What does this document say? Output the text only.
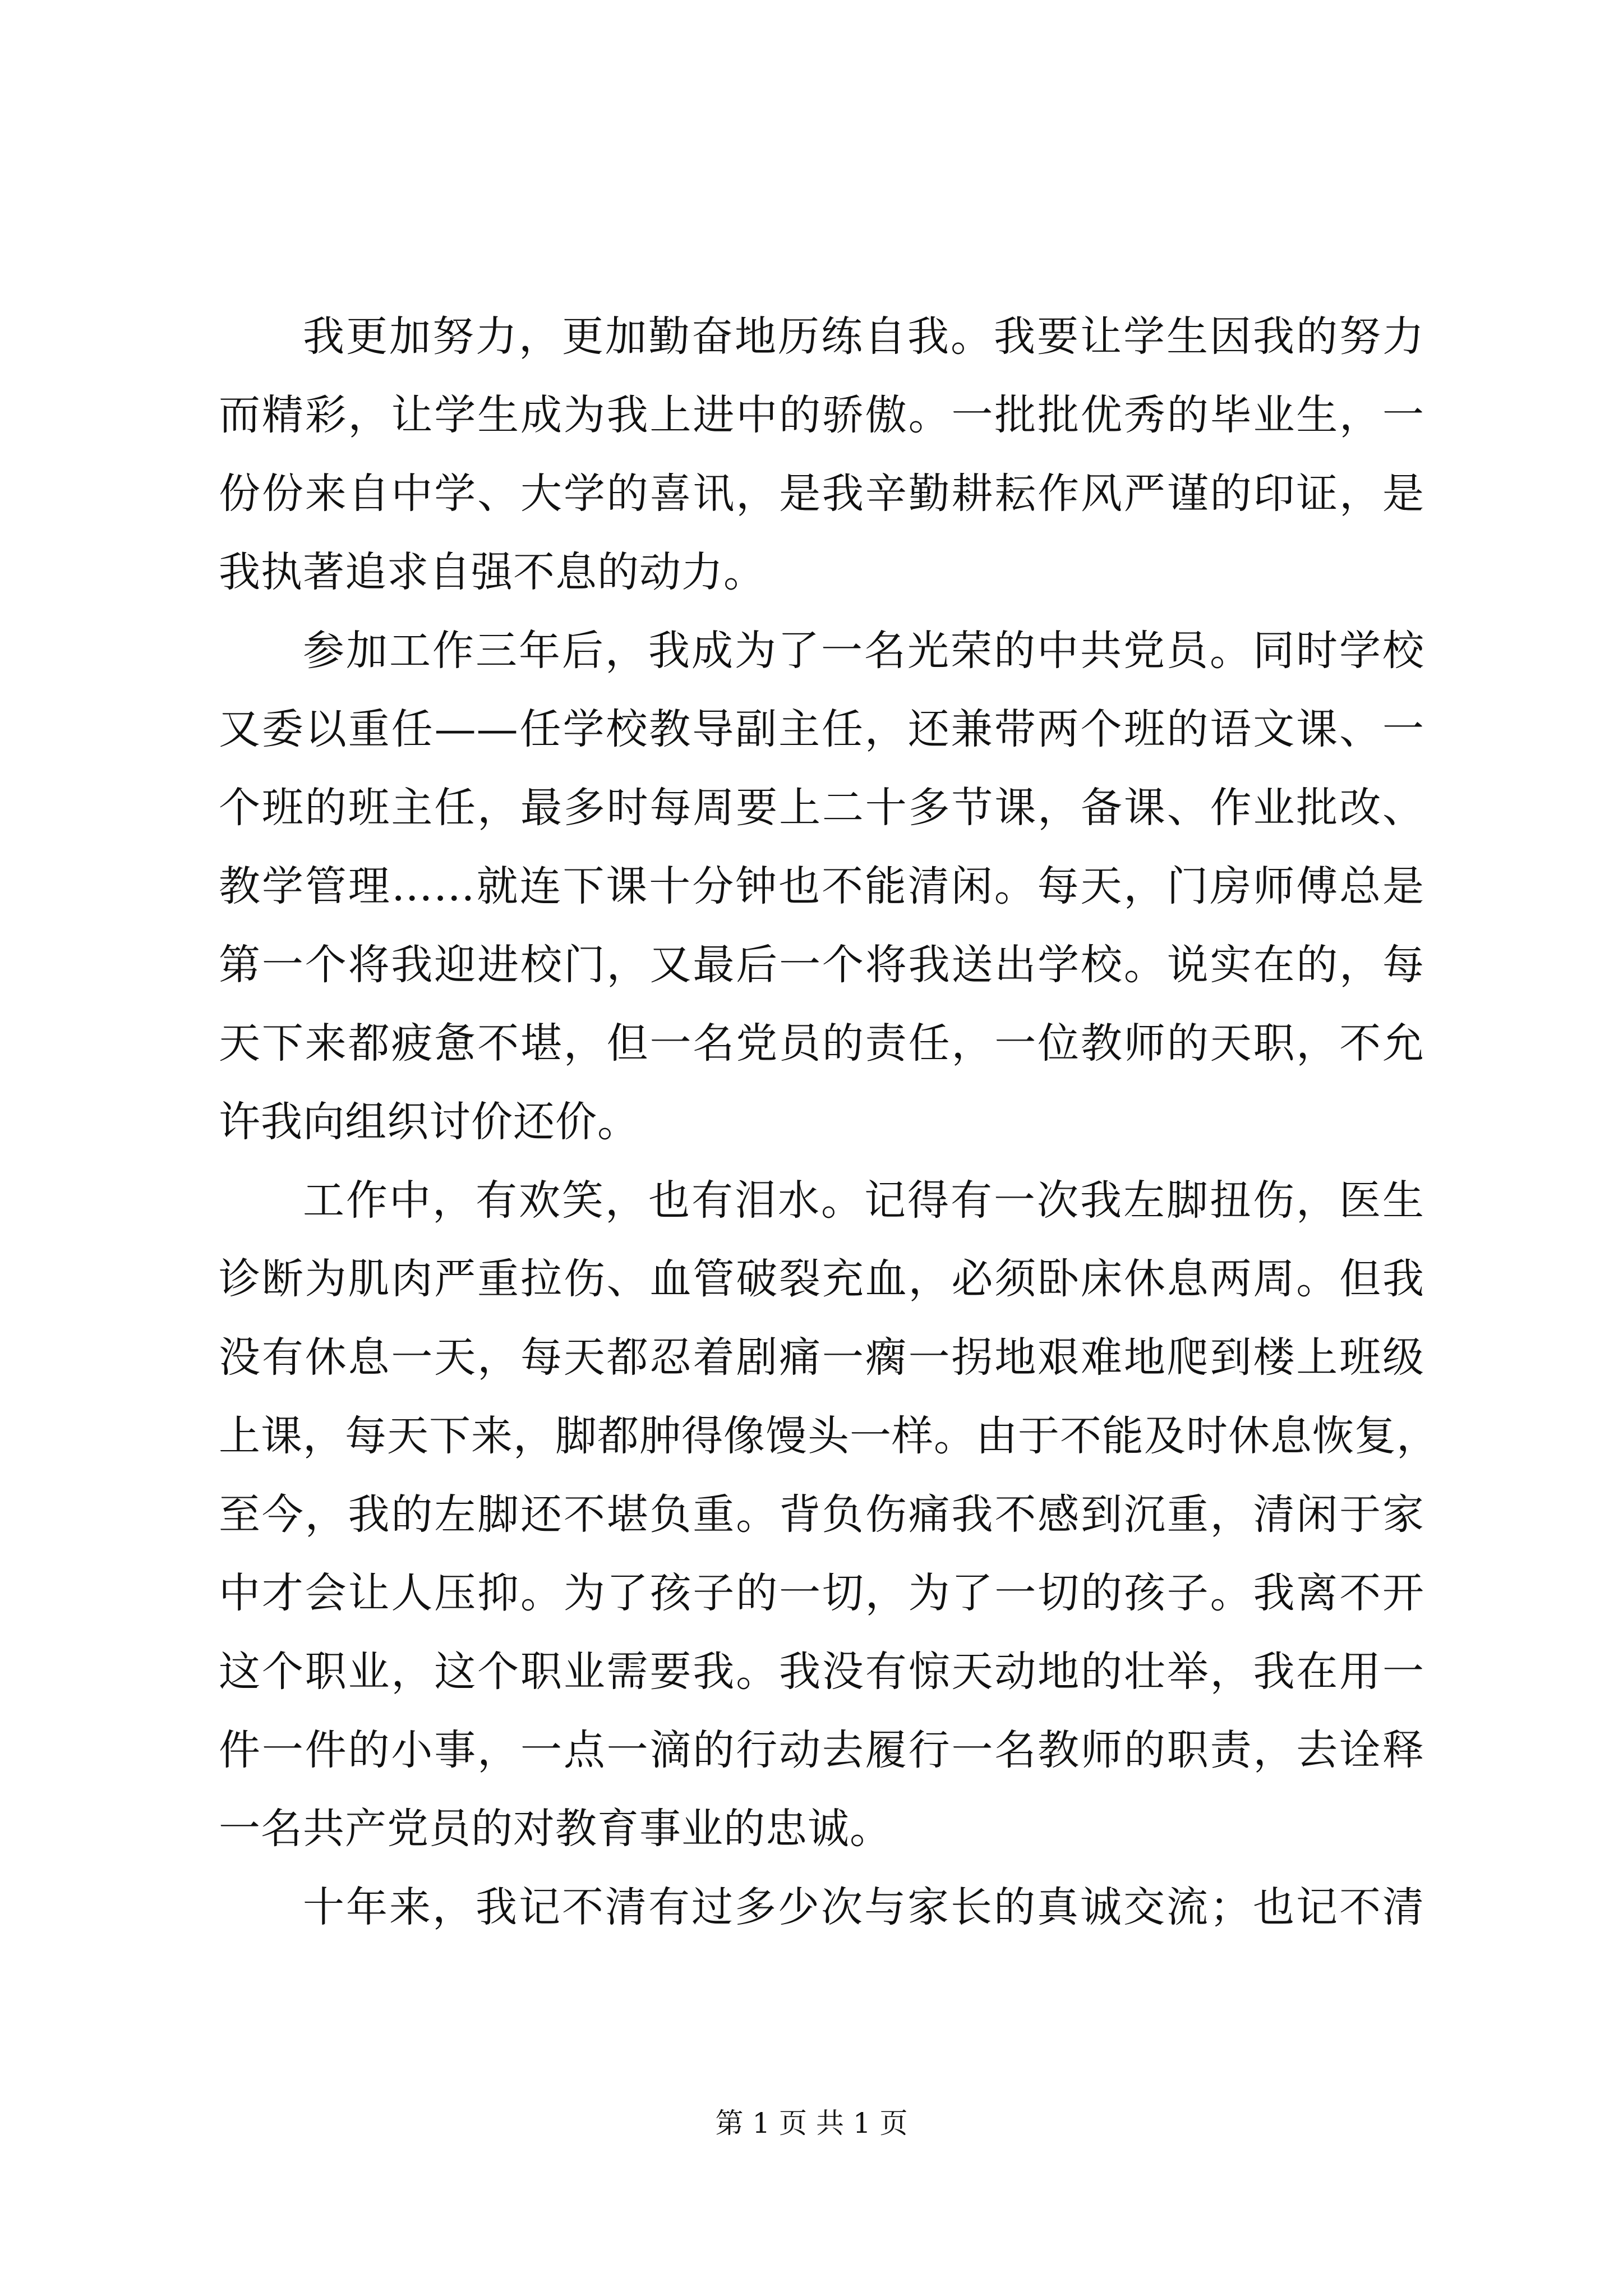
我更加努力，更加勤奋地历练自我。我要让学生因我的努力
而精彩，让学生成为我上进中的骄傲。一批批优秀的毕业生，一
份份来自中学、大学的喜讯，是我辛勤耕耘作风严谨的印证，是
我执著追求自强不息的动力。
参加工作三年后，我成为了一名光荣的中共党员。同时学校
又委以重任——任学校教导副主任，还兼带两个班的语文课、一
个班的班主任，最多时每周要上二十多节课，备课、作业批改、
教学管理……就连下课十分钟也不能清闲。每天，门房师傅总是
第一个将我迎进校门，又最后一个将我送出学校。说实在的，每
天下来都疲惫不堪，但一名党员的责任，一位教师的天职，不允
许我向组织讨价还价。
工作中，有欢笑，也有泪水。记得有一次我左脚扭伤，医生
诊断为肌肉严重拉伤、血管破裂充血，必须卧床休息两周。但我
没有休息一天，每天都忍着剧痛一瘸一拐地艰难地爬到楼上班级
上课，每天下来，脚都肿得像馒头一样。由于不能及时休息恢复，
至今，我的左脚还不堪负重。背负伤痛我不感到沉重，清闲于家
中才会让人压抑。为了孩子的一切，为了一切的孩子。我离不开
这个职业，这个职业需要我。我没有惊天动地的壮举，我在用一
件一件的小事，一点一滴的行动去履行一名教师的职责，去诠释
一名共产党员的对教育事业的忠诚。
十年来，我记不清有过多少次与家长的真诚交流；也记不清
第 1 页 共 1 页
